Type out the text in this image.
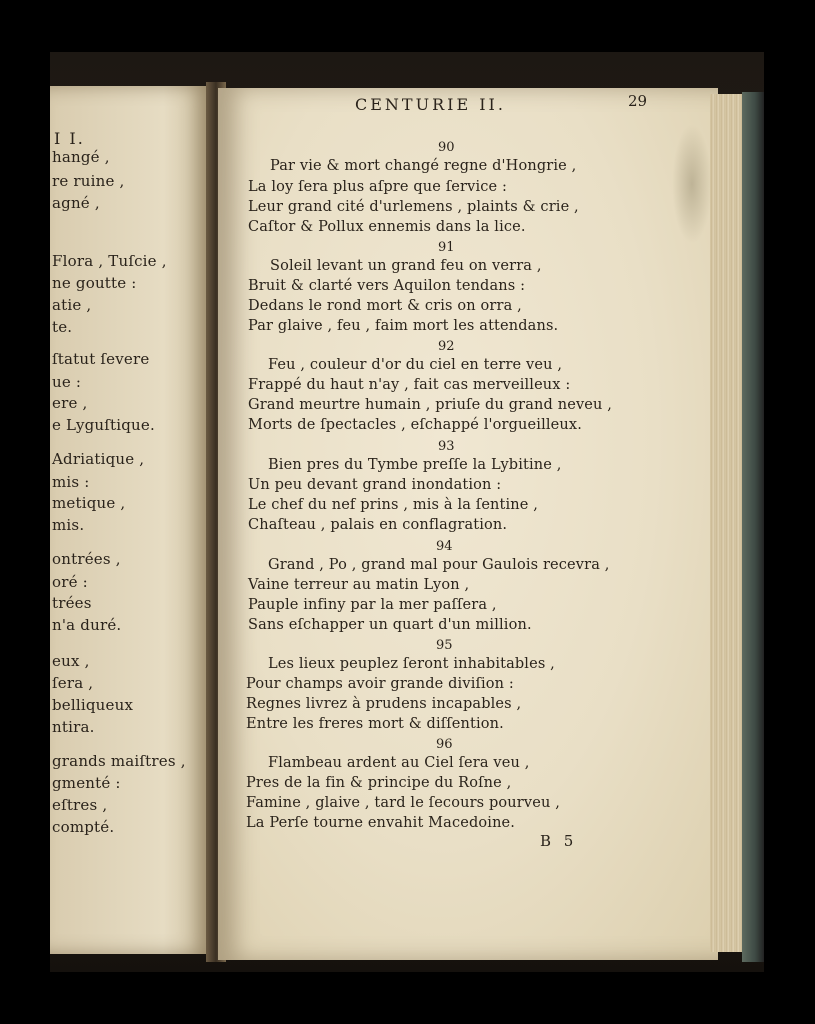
I I.
hangé ,
re ruine ,
agné ,
Flora , Tuſcie ,
ne goutte :
atie ,
te.
ſtatut ſevere
ue :
ere ,
e Lyguſtique.
Adriatique ,
mis :
metique ,
mis.
ontrées ,
oré :
trées
n'a duré.
eux ,
ſera ,
belliqueux
ntira.
grands maiſtres ,
gmenté :
eſtres ,
compté.
CENTURIE II.	29
90
Par vie & mort changé regne d'Hongrie ,
La loy ſera plus aſpre que ſervice :
Leur grand cité d'urlemens , plaints & crie ,
Caſtor & Pollux ennemis dans la lice.
91
Soleil levant un grand feu on verra ,
Bruit & clarté vers Aquilon tendans :
Dedans le rond mort & cris on orra ,
Par glaive , feu , faim mort les attendans.
92
Feu , couleur d'or du ciel en terre veu ,
Frappé du haut n'ay , fait cas merveilleux :
Grand meurtre humain , priuſe du grand neveu ,
Morts de ſpectacles , eſchappé l'orgueilleux.
93
Bien pres du Tymbe preſſe la Lybitine ,
Un peu devant grand inondation :
Le chef du nef prins , mis à la ſentine ,
Chaſteau , palais en conflagration.
94
Grand , Po , grand mal pour Gaulois recevra ,
Vaine terreur au matin Lyon ,
Pauple infiny par la mer paſſera ,
Sans eſchapper un quart d'un million.
95
Les lieux peuplez ſeront inhabitables ,
Pour champs avoir grande diviſion :
Regnes livrez à prudens incapables ,
Entre les freres mort & diſſention.
96
Flambeau ardent au Ciel ſera veu ,
Pres de la fin & principe du Roſne ,
Famine , glaive , tard le ſecours pourveu ,
La Perſe tourne envahit Macedoine.
B 5
